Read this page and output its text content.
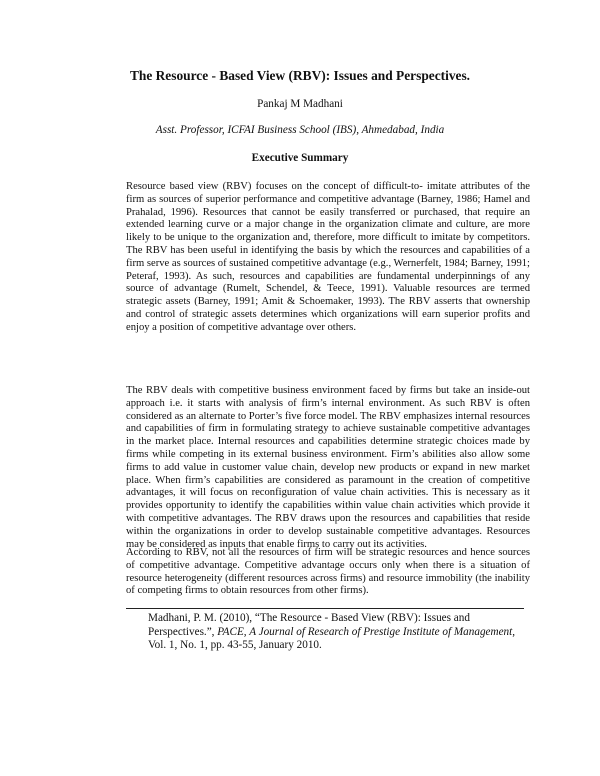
The Resource - Based View (RBV): Issues and Perspectives.

Pankaj M Madhani

Asst. Professor, ICFAI Business School (IBS), Ahmedabad, India

Executive Summary

Resource based view (RBV) focuses on the concept of difficult-to- imitate attributes of the firm as sources of superior performance and competitive advantage (Barney, 1986; Hamel and Prahalad, 1996). Resources that cannot be easily transferred or purchased, that require an extended learning curve or a major change in the organization climate and culture, are more likely to be unique to the organization and, therefore, more difficult to imitate by competitors. The RBV has been useful in identifying the basis by which the resources and capabilities of a firm serve as sources of sustained competitive advantage (e.g., Wernerfelt, 1984; Barney, 1991; Peteraf, 1993). As such, resources and capabilities are fundamental underpinnings of any source of advantage (Rumelt, Schendel, & Teece, 1991). Valuable resources are termed strategic assets (Barney, 1991; Amit & Schoemaker, 1993). The RBV asserts that ownership and control of strategic assets determines which organizations will earn superior profits and enjoy a position of competitive advantage over others.

The RBV deals with competitive business environment faced by firms but take an inside-out approach i.e. it starts with analysis of firm’s internal environment. As such RBV is often considered as an alternate to Porter’s five force model. The RBV emphasizes internal resources and capabilities of firm in formulating strategy to achieve sustainable competitive advantages in the market place. Internal resources and capabilities determine strategic choices made by firms while competing in its external business environment. Firm’s abilities also allow some firms to add value in customer value chain, develop new products or expand in new market place. When firm’s capabilities are considered as paramount in the creation of competitive advantages, it will focus on reconfiguration of value chain activities. This is necessary as it provides opportunity to identify the capabilities within value chain activities which provide it with competitive advantages. The RBV draws upon the resources and capabilities that reside within the organizations in order to develop sustainable competitive advantages. Resources may be considered as inputs that enable firms to carry out its activities.

According to RBV, not all the resources of firm will be strategic resources and hence sources of competitive advantage. Competitive advantage occurs only when there is a situation of resource heterogeneity (different resources across firms) and resource immobility (the inability of competing firms to obtain resources from other firms).

Madhani, P. M. (2010), “The Resource - Based View (RBV): Issues and Perspectives.”, PACE, A Journal of Research of Prestige Institute of Management, Vol. 1, No. 1, pp. 43-55, January 2010.
